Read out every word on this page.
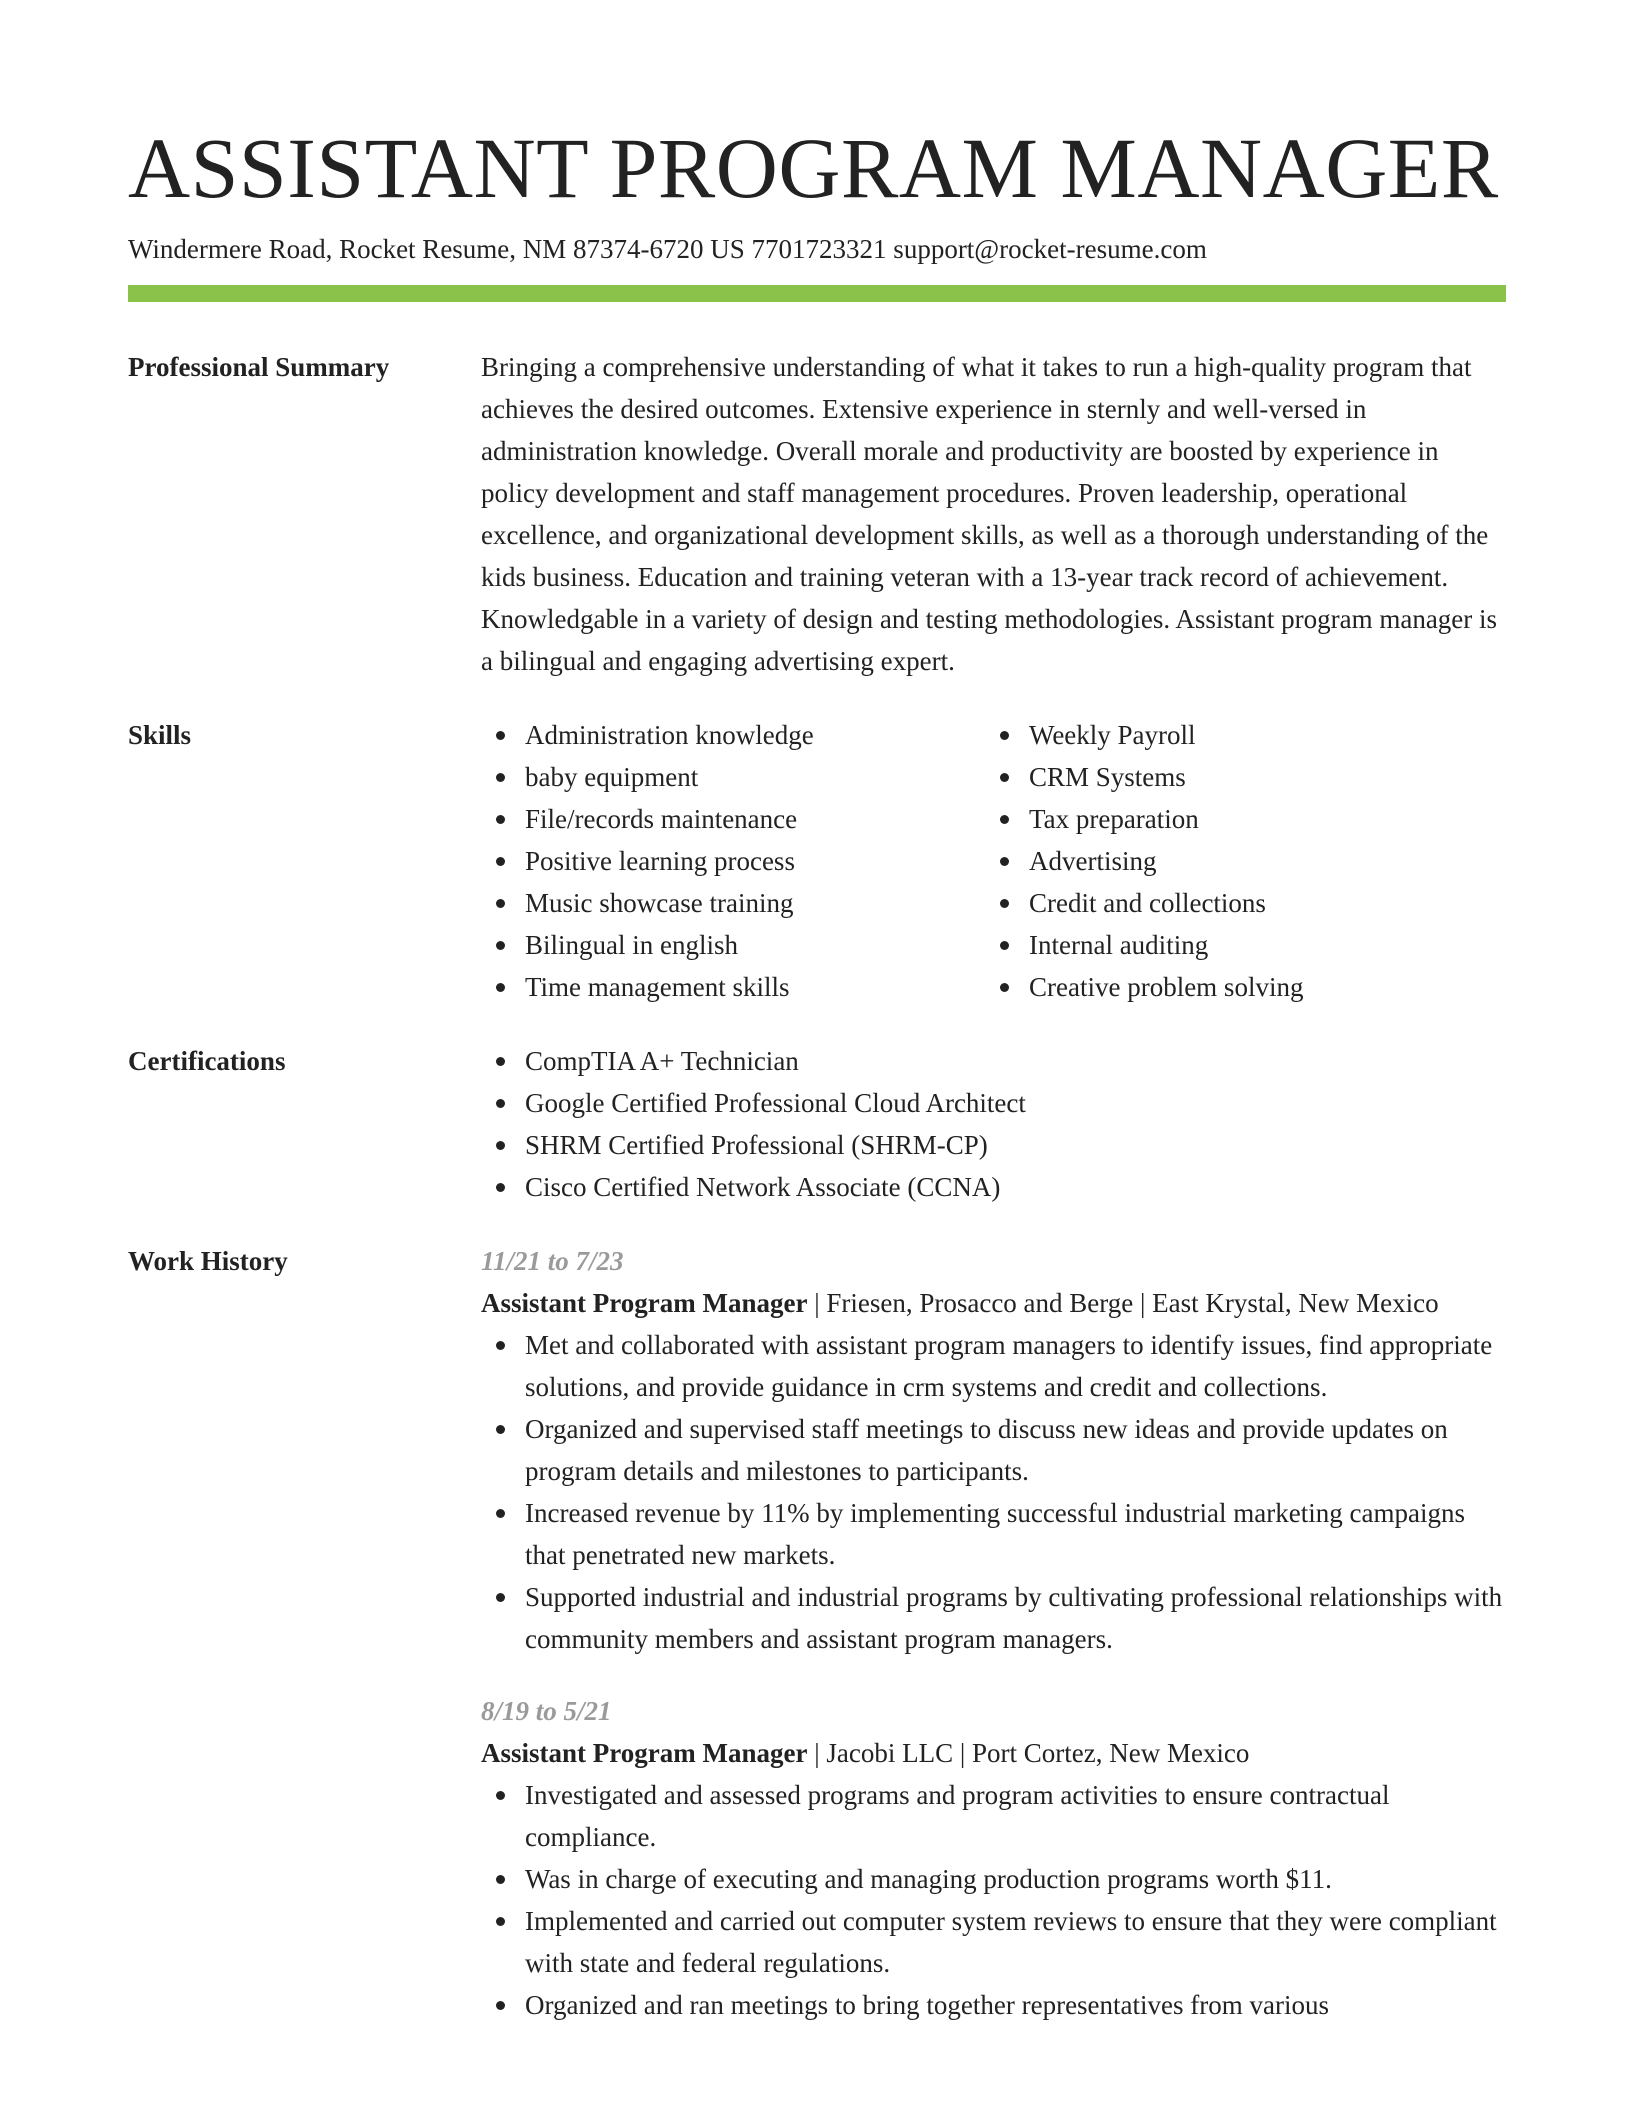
ASSISTANT PROGRAM MANAGER
Windermere Road, Rocket Resume, NM 87374-6720 US 7701723321 support@rocket-resume.com
Professional Summary	Bringing a comprehensive understanding of what it takes to run a high-quality program that achieves the desired outcomes. Extensive experience in sternly and well-versed in administration knowledge. Overall morale and productivity are boosted by experience in policy development and staff management procedures. Proven leadership, operational excellence, and organizational development skills, as well as a thorough understanding of the kids business. Education and training veteran with a 13-year track record of achievement. Knowledgable in a variety of design and testing methodologies. Assistant program manager is a bilingual and engaging advertising expert.

Skills	Administration knowledge
baby equipment
File/records maintenance
Positive learning process
Music showcase training
Bilingual in english
Time management skills
Weekly Payroll
CRM Systems
Tax preparation
Advertising
Credit and collections
Internal auditing
Creative problem solving
Certifications	CompTIA A+ Technician
Google Certified Professional Cloud Architect
SHRM Certified Professional (SHRM-CP)
Cisco Certified Network Associate (CCNA)
Work History	11/21 to 7/23
Assistant Program Manager | Friesen, Prosacco and Berge | East Krystal, New Mexico
Met and collaborated with assistant program managers to identify issues, find appropriate solutions, and provide guidance in crm systems and credit and collections.
Organized and supervised staff meetings to discuss new ideas and provide updates on program details and milestones to participants.
Increased revenue by 11% by implementing successful industrial marketing campaigns that penetrated new markets.
Supported industrial and industrial programs by cultivating professional relationships with community members and assistant program managers.
8/19 to 5/21
Assistant Program Manager | Jacobi LLC | Port Cortez, New Mexico
Investigated and assessed programs and program activities to ensure contractual compliance.
Was in charge of executing and managing production programs worth $11.
Implemented and carried out computer system reviews to ensure that they were compliant with state and federal regulations.
Organized and ran meetings to bring together representatives from various
